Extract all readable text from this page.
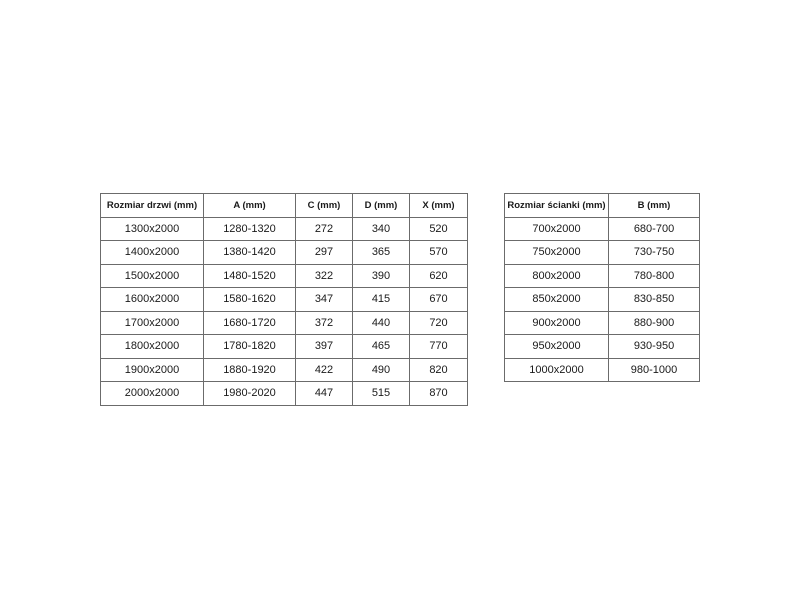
Rozmiar drzwi (mm)	A (mm)	C (mm)	D (mm)	X (mm)
1300x2000	1280-1320	272	340	520
1400x2000	1380-1420	297	365	570
1500x2000	1480-1520	322	390	620
1600x2000	1580-1620	347	415	670
1700x2000	1680-1720	372	440	720
1800x2000	1780-1820	397	465	770
1900x2000	1880-1920	422	490	820
2000x2000	1980-2020	447	515	870
Rozmiar ścianki (mm)	B (mm)
700x2000	680-700
750x2000	730-750
800x2000	780-800
850x2000	830-850
900x2000	880-900
950x2000	930-950
1000x2000	980-1000
